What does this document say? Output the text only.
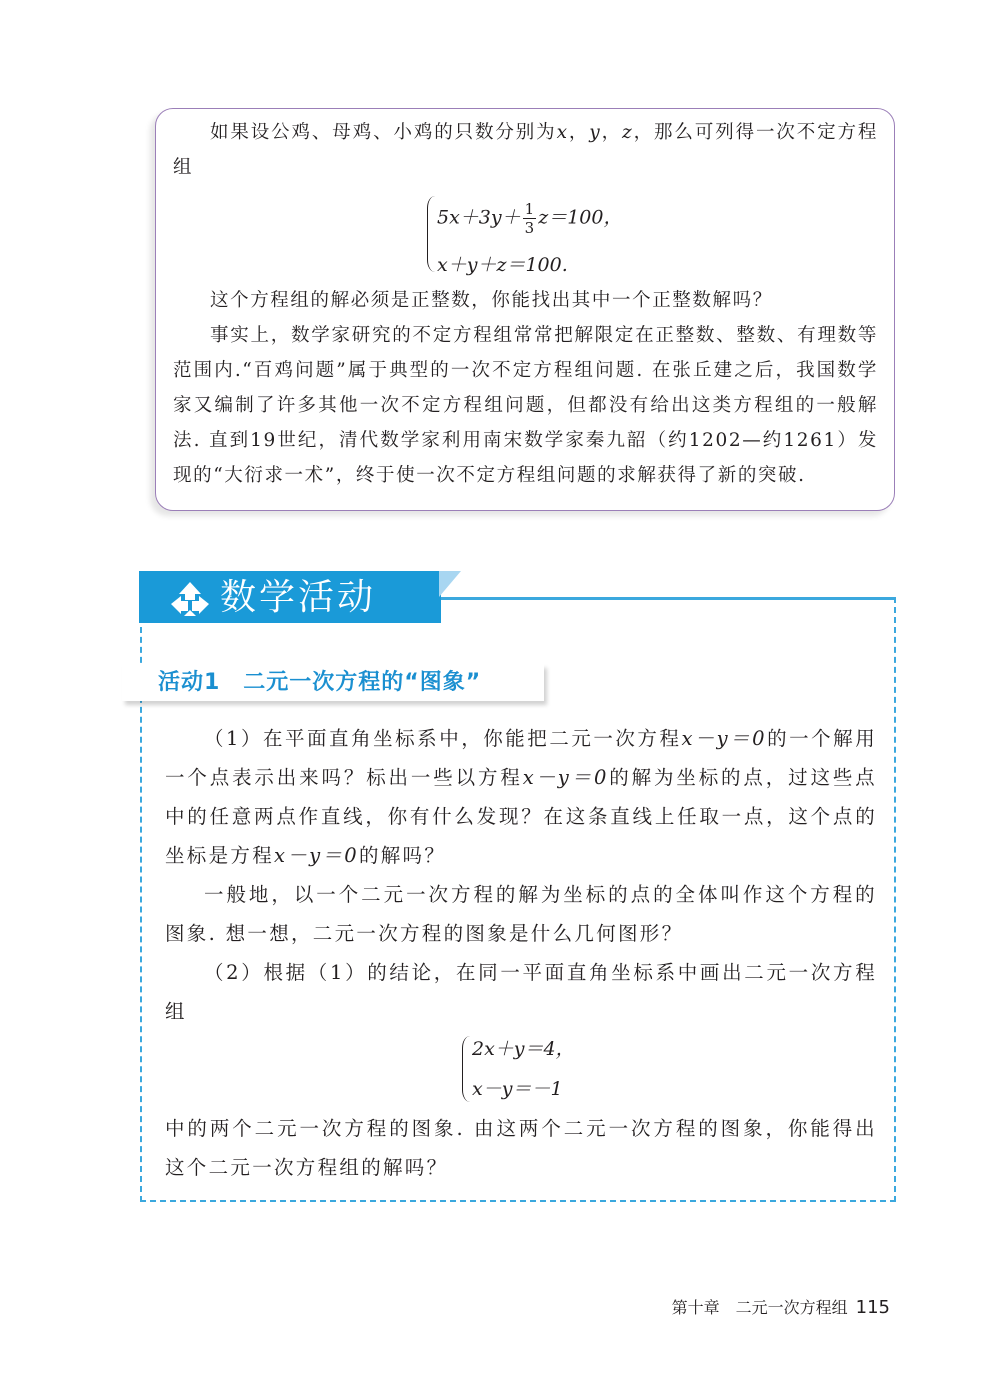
如果设公鸡、母鸡、小鸡的只数分别为x，y，z，那么可列得一次不定方程组

$5x+3y+ \frac{1}{3} z=100$，
x＋y＋z＝100.

这个方程组的解必须是正整数，你能找出其中一个正整数解吗？

事实上，数学家研究的不定方程组常常把解限定在正整数、整数、有理数等范围内.“百鸡问题”属于典型的一次不定方程组问题. 在张丘建之后，我国数学家又编制了许多其他一次不定方程组问题，但都没有给出这类方程组的一般解法. 直到19世纪，清代数学家利用南宋数学家秦九韶（约1202—约1261）发现的“大衍求一术”，终于使一次不定方程组问题的求解获得了新的突破.

数学活动

活动1　二元一次方程的“图象”

（1）在平面直角坐标系中，你能把二元一次方程x－y＝0的一个解用一个点表示出来吗？标出一些以方程x－y＝0的解为坐标的点，过这些点中的任意两点作直线，你有什么发现？在这条直线上任取一点，这个点的坐标是方程x－y＝0的解吗？

一般地，以一个二元一次方程的解为坐标的点的全体叫作这个方程的图象. 想一想，二元一次方程的图象是什么几何图形？

（2）根据（1）的结论，在同一平面直角坐标系中画出二元一次方程组

2x＋y＝4，
x－y＝－1

中的两个二元一次方程的图象. 由这两个二元一次方程的图象，你能得出这个二元一次方程组的解吗？

第十章　二元一次方程组 115
